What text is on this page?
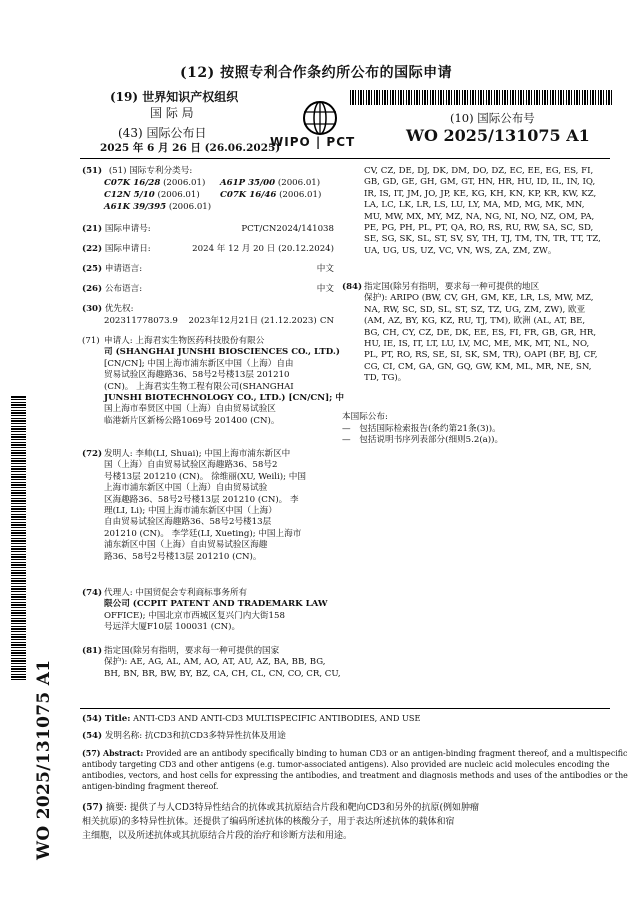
(12) 按照专利合作条约所公布的国际申请
(19) 世界知识产权组织
国 际 局
(43) 国际公布日
2025 年 6 月 26 日 (26.06.2025)
WIPO | PCT
(10) 国际公布号
WO 2025/131075 A1
WO 2025/131075 A1
(51) (51) 国际专利分类号:
C07K 16/28 (2006.01) A61P 35/00 (2006.01)
C12N 5/10 (2006.01) C07K 16/46 (2006.01)
A61K 39/395 (2006.01)
(21) 国际申请号:	PCT/CN2024/141038
(22) 国际申请日:	2024 年 12 月 20 日 (20.12.2024)
(25) 申请语言:	中文
(26) 公布语言:	中文
(30) 优先权:
202311778073.9 2023年12月21日 (21.12.2023) CN
(71) 申请人: 上海君实生物医药科技股份有限公
司 (SHANGHAI JUNSHI BIOSCIENCES CO., LTD.)
[CN/CN]; 中国上海市浦东新区中国（上海）自由
贸易试验区海趣路36、58号2号楼13层 201210
(CN)。 上海君实生物工程有限公司(SHANGHAI
JUNSHI BIOTECHNOLOGY CO., LTD.) [CN/CN]; 中
国上海市奉贤区中国（上海）自由贸易试验区
临港新片区新杨公路1069号 201400 (CN)。
(72) 发明人: 李帅(LI, Shuai); 中国上海市浦东新区中
国（上海）自由贸易试验区海趣路36、58号2
号楼13层 201210 (CN)。 徐维丽(XU, Weili); 中国
上海市浦东新区中国（上海）自由贸易试验
区海趣路36、58号2号楼13层 201210 (CN)。 李
理(LI, Li); 中国上海市浦东新区中国（上海）
自由贸易试验区海趣路36、58号2号楼13层
201210 (CN)。 李学廷(LI, Xueting); 中国上海市
浦东新区中国（上海）自由贸易试验区海趣
路36、58号2号楼13层 201210 (CN)。
(74) 代理人: 中国贸促会专利商标事务所有
限公司 (CCPIT PATENT AND TRADEMARK LAW
OFFICE); 中国北京市西城区复兴门内大街158
号远洋大厦F10层 100031 (CN)。
(81) 指定国(除另有指明，要求每一种可提供的国家
保护): AE, AG, AL, AM, AO, AT, AU, AZ, BA, BB, BG,
BH, BN, BR, BW, BY, BZ, CA, CH, CL, CN, CO, CR, CU,
CV, CZ, DE, DJ, DK, DM, DO, DZ, EC, EE, EG, ES, FI,
GB, GD, GE, GH, GM, GT, HN, HR, HU, ID, IL, IN, IQ,
IR, IS, IT, JM, JO, JP, KE, KG, KH, KN, KP, KR, KW, KZ,
LA, LC, LK, LR, LS, LU, LY, MA, MD, MG, MK, MN,
MU, MW, MX, MY, MZ, NA, NG, NI, NO, NZ, OM, PA,
PE, PG, PH, PL, PT, QA, RO, RS, RU, RW, SA, SC, SD,
SE, SG, SK, SL, ST, SV, SY, TH, TJ, TM, TN, TR, TT, TZ,
UA, UG, US, UZ, VC, VN, WS, ZA, ZM, ZW。
(84) 指定国(除另有指明，要求每一种可提供的地区
保护): ARIPO (BW, CV, GH, GM, KE, LR, LS, MW, MZ,
NA, RW, SC, SD, SL, ST, SZ, TZ, UG, ZM, ZW), 欧亚
(AM, AZ, BY, KG, KZ, RU, TJ, TM), 欧洲 (AL, AT, BE,
BG, CH, CY, CZ, DE, DK, EE, ES, FI, FR, GB, GR, HR,
HU, IE, IS, IT, LT, LU, LV, MC, ME, MK, MT, NL, NO,
PL, PT, RO, RS, SE, SI, SK, SM, TR), OAPI (BF, BJ, CF,
CG, CI, CM, GA, GN, GQ, GW, KM, ML, MR, NE, SN,
TD, TG)。
本国际公布:
—　包括国际检索报告(条约第21条(3))。
—　包括说明书序列表部分(细则5.2(a))。
(54) Title: ANTI-CD3 AND ANTI-CD3 MULTISPECIFIC ANTIBODIES, AND USE
(54) 发明名称: 抗CD3和抗CD3多特异性抗体及用途
(57) Abstract: Provided are an antibody specifically binding to human CD3 or an antigen-binding fragment thereof, and a multispecific
antibody targeting CD3 and other antigens (e.g. tumor-associated antigens). Also provided are nucleic acid molecules encoding the
antibodies, vectors, and host cells for expressing the antibodies, and treatment and diagnosis methods and uses of the antibodies or the
antigen-binding fragment thereof.
(57) 摘要: 提供了与人CD3特异性结合的抗体或其抗原结合片段和靶向CD3和另外的抗原(例如肿瘤
相关抗原)的多特异性抗体。还提供了编码所述抗体的核酸分子，用于表达所述抗体的载体和宿
主细胞，以及所述抗体或其抗原结合片段的治疗和诊断方法和用途。
